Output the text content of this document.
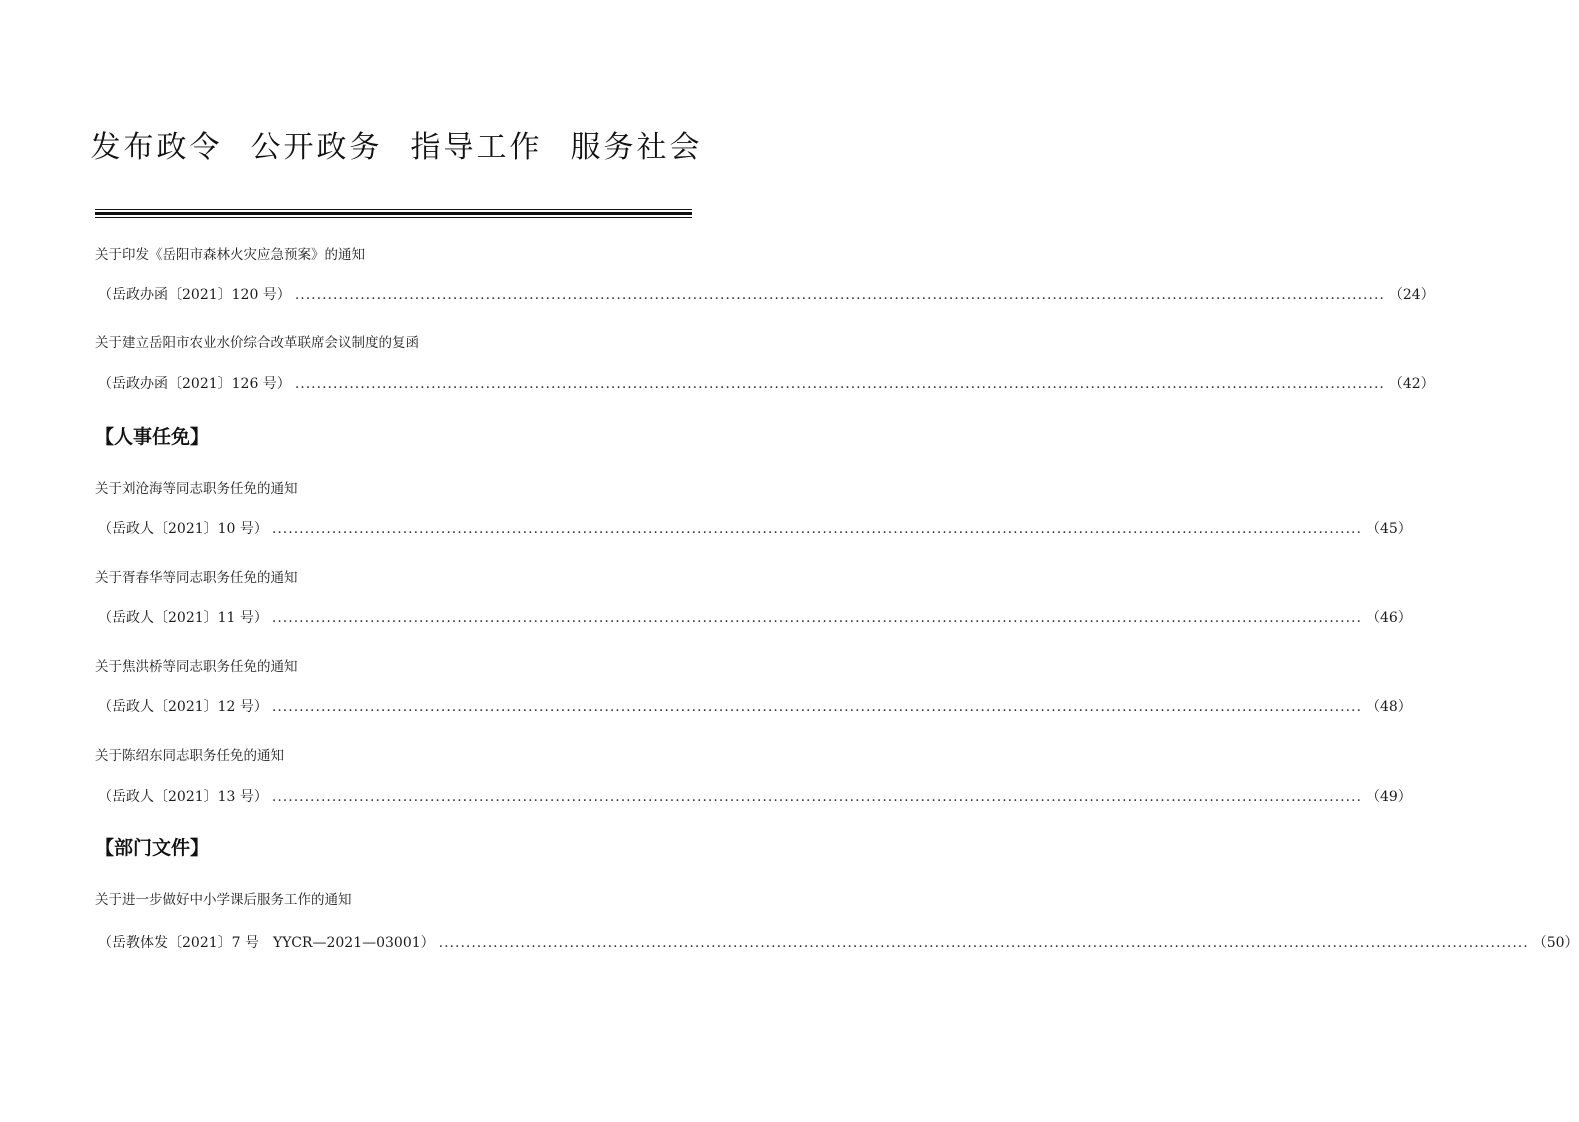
发布政令 公开政务 指导工作 服务社会
关于印发《岳阳市森林火灾应急预案》的通知
（岳政办函〔2021〕120 号） ........................................................................................................................................................................................................ （24）
关于建立岳阳市农业水价综合改革联席会议制度的复函
（岳政办函〔2021〕126 号） ........................................................................................................................................................................................................ （42）
【人事任免】
关于刘沧海等同志职务任免的通知
（岳政人〔2021〕10 号） ........................................................................................................................................................................................................ （45）
关于胥春华等同志职务任免的通知
（岳政人〔2021〕11 号） ........................................................................................................................................................................................................ （46）
关于焦洪桥等同志职务任免的通知
（岳政人〔2021〕12 号） ........................................................................................................................................................................................................ （48）
关于陈绍东同志职务任免的通知
（岳政人〔2021〕13 号） ........................................................................................................................................................................................................ （49）
【部门文件】
关于进一步做好中小学课后服务工作的通知
（岳教体发〔2021〕7 号　YYCR—2021—03001） ........................................................................................................................................................................................................ （50）
